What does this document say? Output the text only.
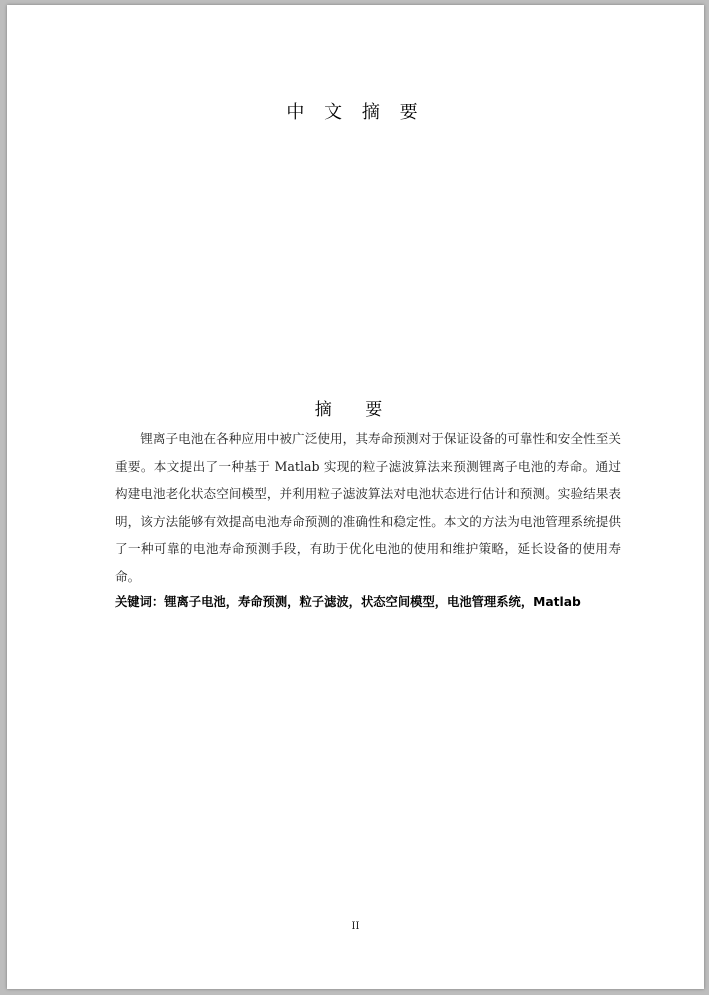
中 文 摘 要
摘 要

锂离子电池在各种应用中被广泛使用，其寿命预测对于保证设备的可靠性和安全性至关重要。本文提出了一种基于 Matlab 实现的粒子滤波算法来预测锂离子电池的寿命。通过构建电池老化状态空间模型，并利用粒子滤波算法对电池状态进行估计和预测。实验结果表明，该方法能够有效提高电池寿命预测的准确性和稳定性。本文的方法为电池管理系统提供了一种可靠的电池寿命预测手段，有助于优化电池的使用和维护策略，延长设备的使用寿命。

关键词：锂离子电池，寿命预测，粒子滤波，状态空间模型，电池管理系统，Matlab

II
